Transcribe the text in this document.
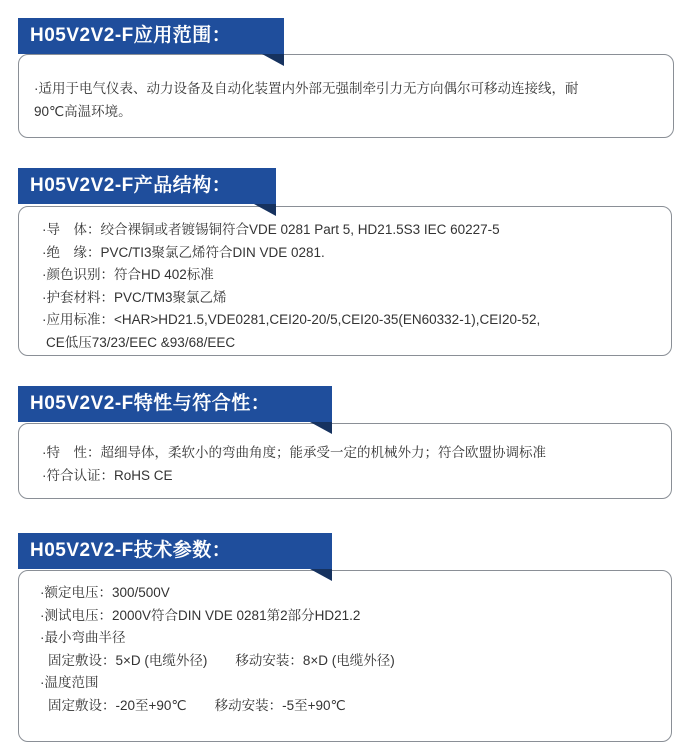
H05V2V2-F应用范围：
·适用于电气仪表、动力设备及自动化装置内外部无强制牵引力无方向偶尔可移动连接线，耐
90℃高温环境。
H05V2V2-F产品结构：
·导　体：绞合裸铜或者镀锡铜符合VDE 0281 Part 5, HD21.5S3 IEC 60227-5
·绝　缘：PVC/TI3聚氯乙烯符合DIN VDE 0281.
·颜色识别：符合HD 402标准
·护套材料：PVC/TM3聚氯乙烯
·应用标准：<HAR>HD21.5,VDE0281,CEI20-20/5,CEI20-35(EN60332-1),CEI20-52,
CE低压73/23/EEC &93/68/EEC
H05V2V2-F特性与符合性：
·特　性：超细导体，柔软小的弯曲角度；能承受一定的机械外力；符合欧盟协调标准
·符合认证：RoHS CE
H05V2V2-F技术参数：
·额定电压：300/500V
·测试电压：2000V符合DIN VDE 0281第2部分HD21.2
·最小弯曲半径
固定敷设：5×D (电缆外径) 移动安装：8×D (电缆外径)
·温度范围
固定敷设：-20至+90℃ 移动安装：-5至+90℃
